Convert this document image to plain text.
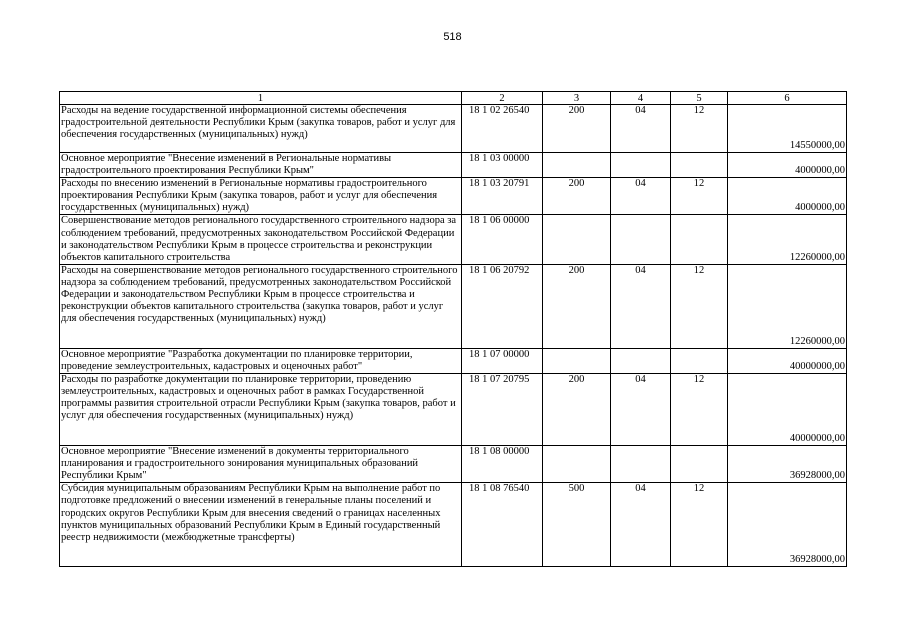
518
1	2	3	4	5	6
Расходы на ведение государственной информационной системы обеспечения градостроительной деятельности Республики Крым (закупка товаров, работ и услуг для обеспечения государственных (муниципальных) нужд)	18 1 02 26540	200	04	12	14550000,00
Основное мероприятие "Внесение изменений в Региональные нормативы градостроительного проектирования Республики Крым"	18 1 03 00000				4000000,00
Расходы по внесению изменений в Региональные нормативы градостроительного проектирования Республики Крым (закупка товаров, работ и услуг для обеспечения государственных (муниципальных) нужд)	18 1 03 20791	200	04	12	4000000,00
Совершенствование методов регионального государственного строительного надзора за соблюдением требований, предусмотренных законодательством Российской Федерации и законодательством Республики Крым в процессе строительства и реконструкции объектов капитального строительства	18 1 06 00000				12260000,00
Расходы на совершенствование методов регионального государственного строительного надзора за соблюдением требований, предусмотренных законодательством Российской Федерации и законодательством Республики Крым в процессе строительства и реконструкции объектов капитального строительства (закупка товаров, работ и услуг для обеспечения государственных (муниципальных) нужд)	18 1 06 20792	200	04	12	12260000,00
Основное мероприятие "Разработка документации по планировке территории, проведение землеустроительных, кадастровых и оценочных работ"	18 1 07 00000				40000000,00
Расходы по разработке документации по планировке территории, проведению землеустроительных, кадастровых и оценочных работ в рамках Государственной программы развития строительной отрасли Республики Крым (закупка товаров, работ и услуг для обеспечения государственных (муниципальных) нужд)	18 1 07 20795	200	04	12	40000000,00
Основное мероприятие "Внесение изменений в документы территориального планирования и градостроительного зонирования муниципальных образований Республики Крым"	18 1 08 00000				36928000,00
Субсидия муниципальным образованиям Республики Крым на выполнение работ по подготовке предложений о внесении изменений в генеральные планы поселений и городских округов Республики Крым для внесения сведений о границах населенных пунктов муниципальных образований Республики Крым в Единый государственный реестр недвижимости (межбюджетные трансферты)	18 1 08 76540	500	04	12	36928000,00
